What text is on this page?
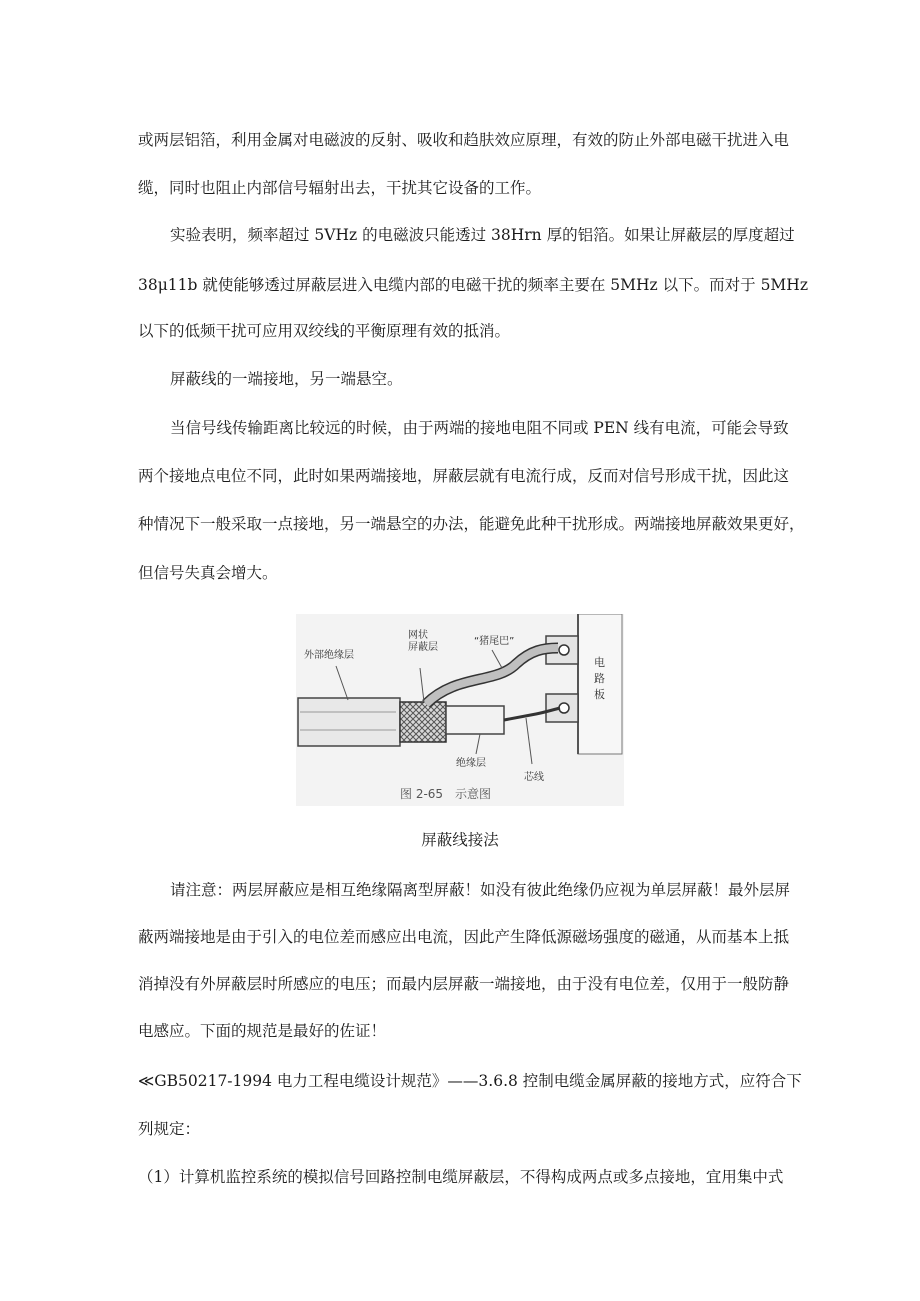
或两层铝箔，利用金属对电磁波的反射、吸收和趋肤效应原理，有效的防止外部电磁干扰进入电
缆，同时也阻止内部信号辐射出去，干扰其它设备的工作。
实验表明，频率超过 5VHz 的电磁波只能透过 38Hrn 厚的铝箔。如果让屏蔽层的厚度超过
38μ11b 就使能够透过屏蔽层进入电缆内部的电磁干扰的频率主要在 5MHz 以下。而对于 5MHz
以下的低频干扰可应用双绞线的平衡原理有效的抵消。
屏蔽线的一端接地，另一端悬空。
当信号线传输距离比较远的时候，由于两端的接地电阻不同或 PEN 线有电流，可能会导致
两个接地点电位不同，此时如果两端接地，屏蔽层就有电流行成，反而对信号形成干扰，因此这
种情况下一般采取一点接地，另一端悬空的办法，能避免此种干扰形成。两端接地屏蔽效果更好，
但信号失真会增大。
外部绝缘层
网状屏蔽层
“猪尾巴”
电路板
绝缘层
芯线
图 2-65　示意图
屏蔽线接法
请注意：两层屏蔽应是相互绝缘隔离型屏蔽！如没有彼此绝缘仍应视为单层屏蔽！最外层屏
蔽两端接地是由于引入的电位差而感应出电流，因此产生降低源磁场强度的磁通，从而基本上抵
消掉没有外屏蔽层时所感应的电压；而最内层屏蔽一端接地，由于没有电位差，仅用于一般防静
电感应。下面的规范是最好的佐证！
≪GB50217-1994 电力工程电缆设计规范》——3.6.8 控制电缆金属屏蔽的接地方式，应符合下
列规定：
（1）计算机监控系统的模拟信号回路控制电缆屏蔽层，不得构成两点或多点接地，宜用集中式
